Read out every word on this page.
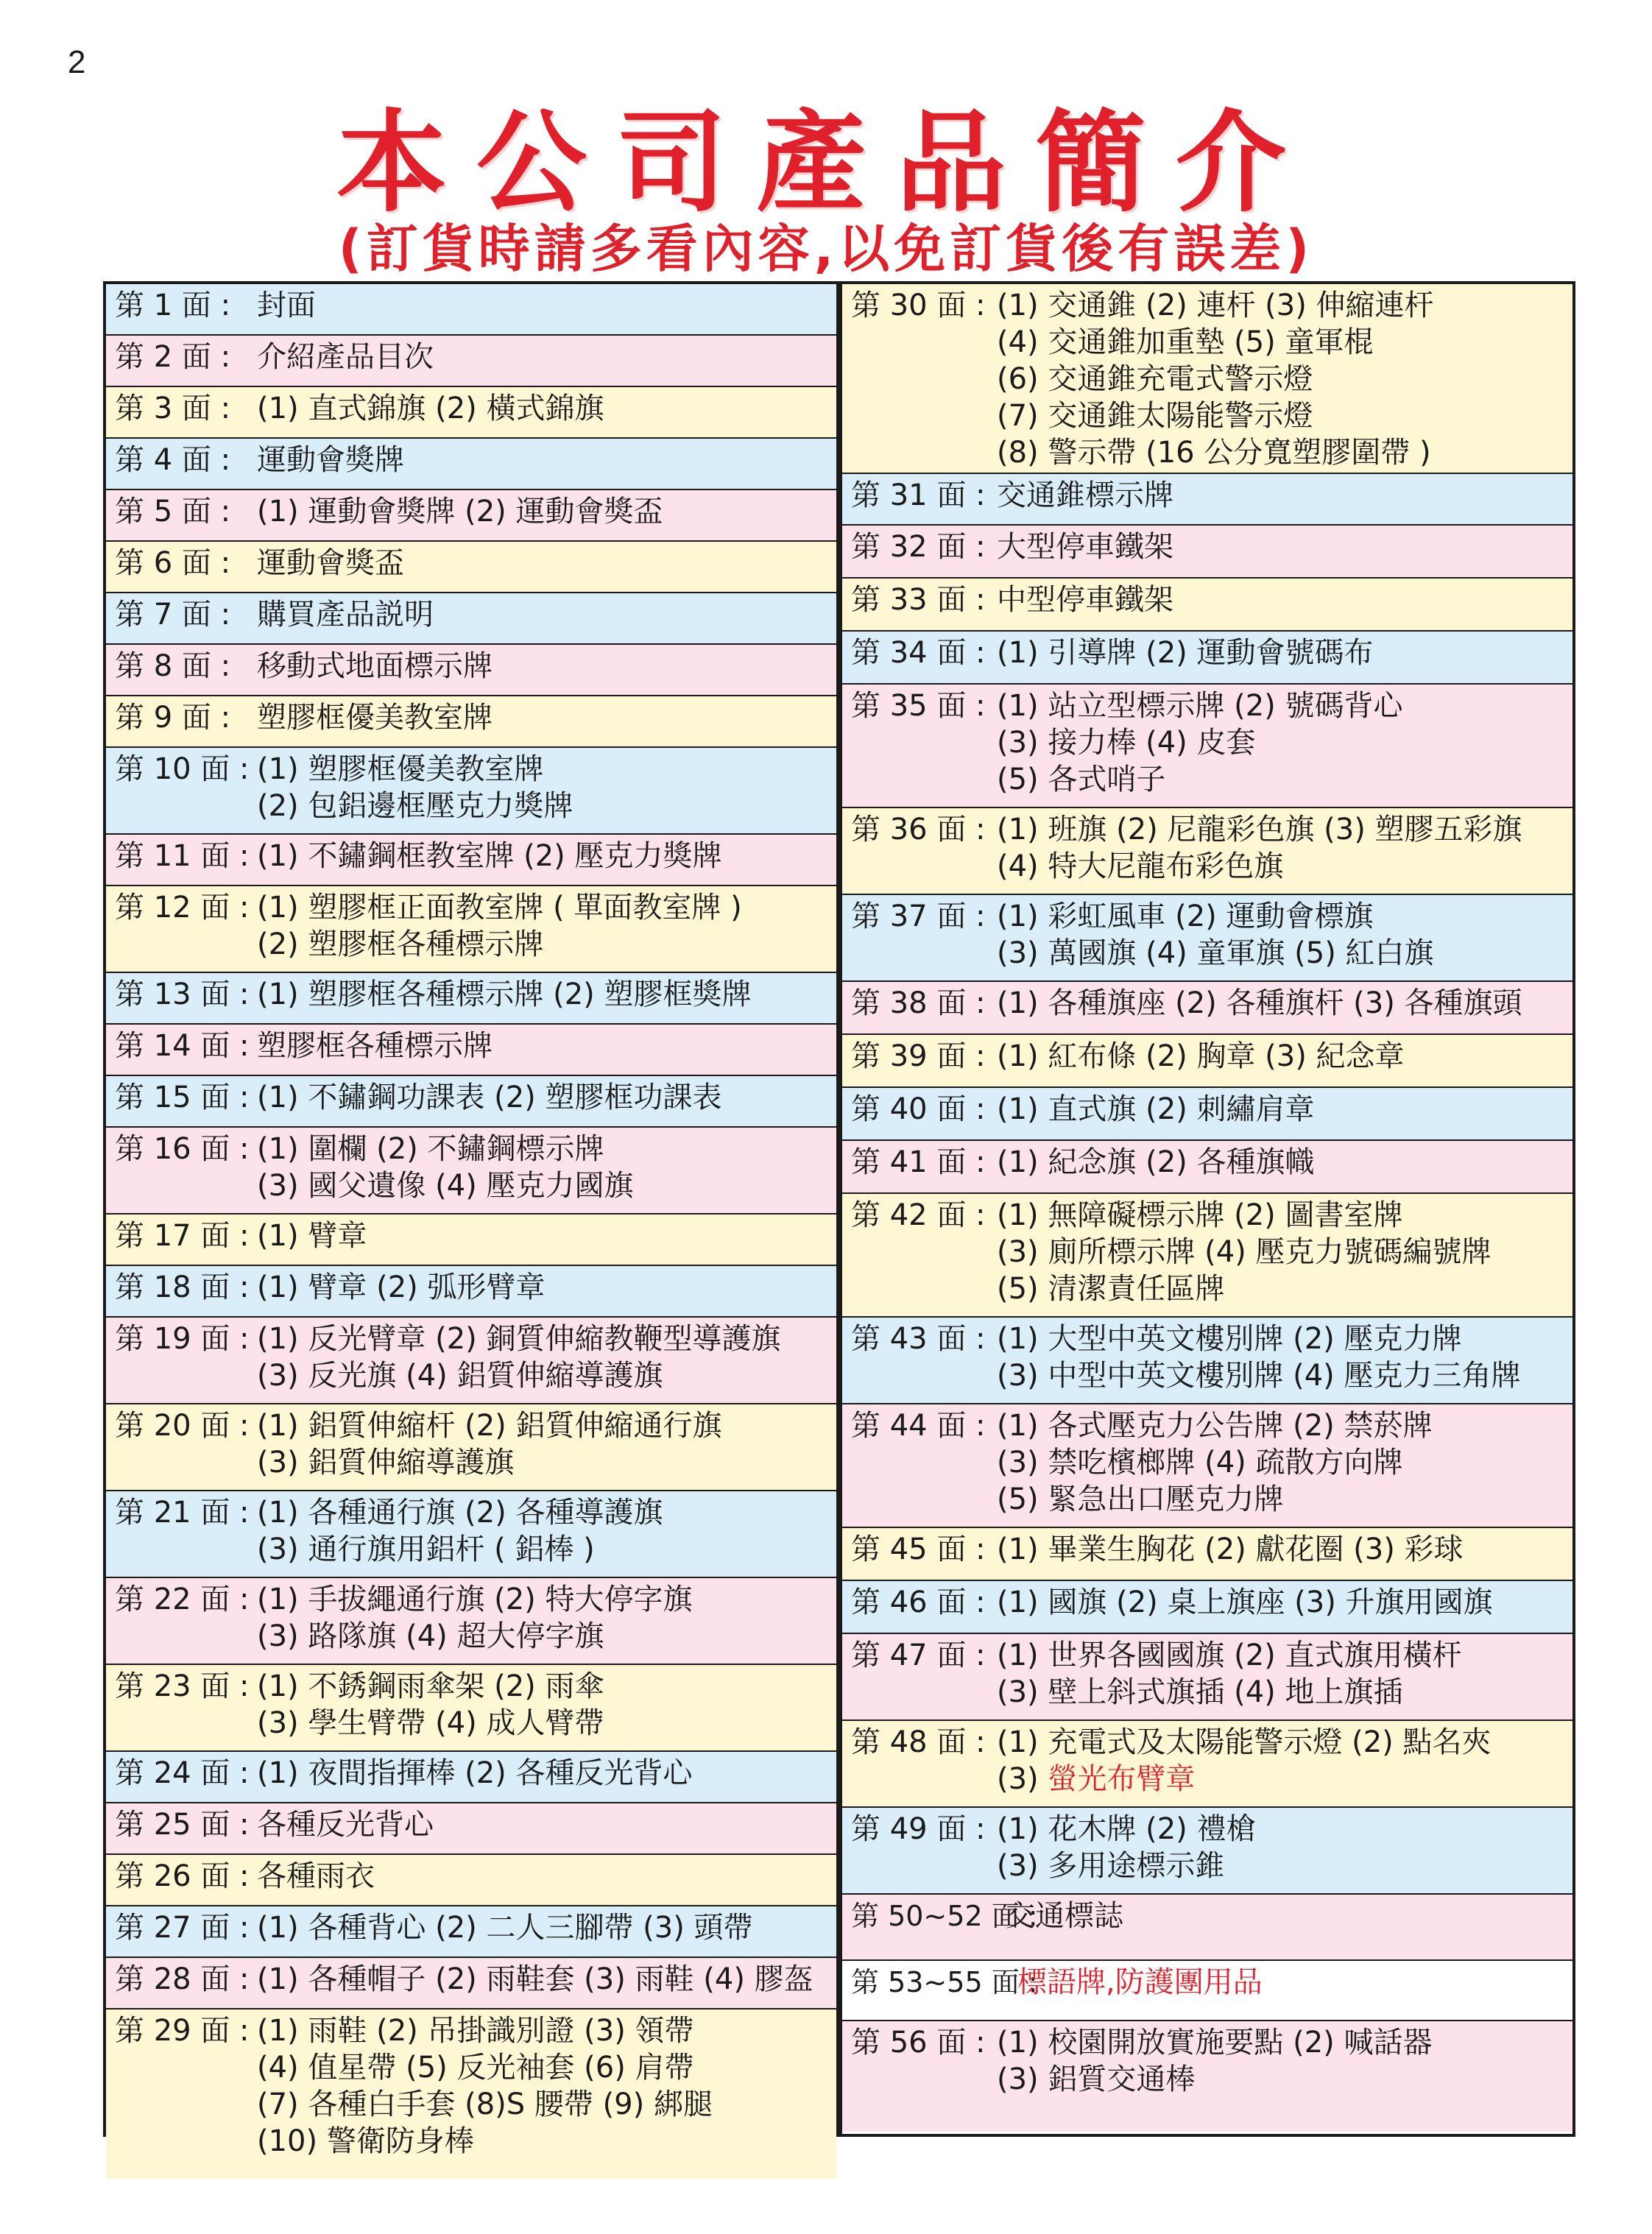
2
本公司產品簡介
(訂貨時請多看內容,以免訂貨後有誤差)
第 1 面 : 封面
第 2 面 : 介紹產品目次
第 3 面 : (1) 直式錦旗 (2) 橫式錦旗
第 4 面 : 運動會獎牌
第 5 面 : (1) 運動會獎牌 (2) 運動會獎盃
第 6 面 : 運動會獎盃
第 7 面 : 購買產品説明
第 8 面 : 移動式地面標示牌
第 9 面 : 塑膠框優美教室牌
第 10 面 : (1) 塑膠框優美教室牌
(2) 包鋁邊框壓克力獎牌
第 11 面 : (1) 不鏽鋼框教室牌 (2) 壓克力獎牌
第 12 面 : (1) 塑膠框正面教室牌 ( 單面教室牌 )
(2) 塑膠框各種標示牌
第 13 面 : (1) 塑膠框各種標示牌 (2) 塑膠框獎牌
第 14 面 : 塑膠框各種標示牌
第 15 面 : (1) 不鏽鋼功課表 (2) 塑膠框功課表
第 16 面 : (1) 圍欄 (2) 不鏽鋼標示牌
(3) 國父遺像 (4) 壓克力國旗
第 17 面 : (1) 臂章
第 18 面 : (1) 臂章 (2) 弧形臂章
第 19 面 : (1) 反光臂章 (2) 銅質伸縮教鞭型導護旗
(3) 反光旗 (4) 鋁質伸縮導護旗
第 20 面 : (1) 鋁質伸縮杆 (2) 鋁質伸縮通行旗
(3) 鋁質伸縮導護旗
第 21 面 : (1) 各種通行旗 (2) 各種導護旗
(3) 通行旗用鋁杆 ( 鋁棒 )
第 22 面 : (1) 手拔繩通行旗 (2) 特大停字旗
(3) 路隊旗 (4) 超大停字旗
第 23 面 : (1) 不銹鋼雨傘架 (2) 雨傘
(3) 學生臂帶 (4) 成人臂帶
第 24 面 : (1) 夜間指揮棒 (2) 各種反光背心
第 25 面 : 各種反光背心
第 26 面 : 各種雨衣
第 27 面 : (1) 各種背心 (2) 二人三腳帶 (3) 頭帶
第 28 面 : (1) 各種帽子 (2) 雨鞋套 (3) 雨鞋 (4) 膠盔
第 29 面 : (1) 雨鞋 (2) 吊掛識別證 (3) 領帶
(4) 值星帶 (5) 反光袖套 (6) 肩帶
(7) 各種白手套 (8)S 腰帶 (9) 綁腿
(10) 警衛防身棒
第 30 面 : (1) 交通錐 (2) 連杆 (3) 伸縮連杆
(4) 交通錐加重墊 (5) 童軍棍
(6) 交通錐充電式警示燈
(7) 交通錐太陽能警示燈
(8) 警示帶 (16 公分寬塑膠圍帶 )
第 31 面 : 交通錐標示牌
第 32 面 : 大型停車鐵架
第 33 面 : 中型停車鐵架
第 34 面 : (1) 引導牌 (2) 運動會號碼布
第 35 面 : (1) 站立型標示牌 (2) 號碼背心
(3) 接力棒 (4) 皮套
(5) 各式哨子
第 36 面 : (1) 班旗 (2) 尼龍彩色旗 (3) 塑膠五彩旗
(4) 特大尼龍布彩色旗
第 37 面 : (1) 彩虹風車 (2) 運動會標旗
(3) 萬國旗 (4) 童軍旗 (5) 紅白旗
第 38 面 : (1) 各種旗座 (2) 各種旗杆 (3) 各種旗頭
第 39 面 : (1) 紅布條 (2) 胸章 (3) 紀念章
第 40 面 : (1) 直式旗 (2) 刺繡肩章
第 41 面 : (1) 紀念旗 (2) 各種旗幟
第 42 面 : (1) 無障礙標示牌 (2) 圖書室牌
(3) 廁所標示牌 (4) 壓克力號碼編號牌
(5) 清潔責任區牌
第 43 面 : (1) 大型中英文樓別牌 (2) 壓克力牌
(3) 中型中英文樓別牌 (4) 壓克力三角牌
第 44 面 : (1) 各式壓克力公告牌 (2) 禁菸牌
(3) 禁吃檳榔牌 (4) 疏散方向牌
(5) 緊急出口壓克力牌
第 45 面 : (1) 畢業生胸花 (2) 獻花圈 (3) 彩球
第 46 面 : (1) 國旗 (2) 桌上旗座 (3) 升旗用國旗
第 47 面 : (1) 世界各國國旗 (2) 直式旗用橫杆
(3) 壁上斜式旗插 (4) 地上旗插
第 48 面 : (1) 充電式及太陽能警示燈 (2) 點名夾
(3) 螢光布臂章
第 49 面 : (1) 花木牌 (2) 禮槍
(3) 多用途標示錐
第 50~52 面 :
交通標誌
第 53~55 面 :
標語牌,防護團用品
第 56 面 : (1) 校園開放實施要點 (2) 喊話器
(3) 鋁質交通棒
